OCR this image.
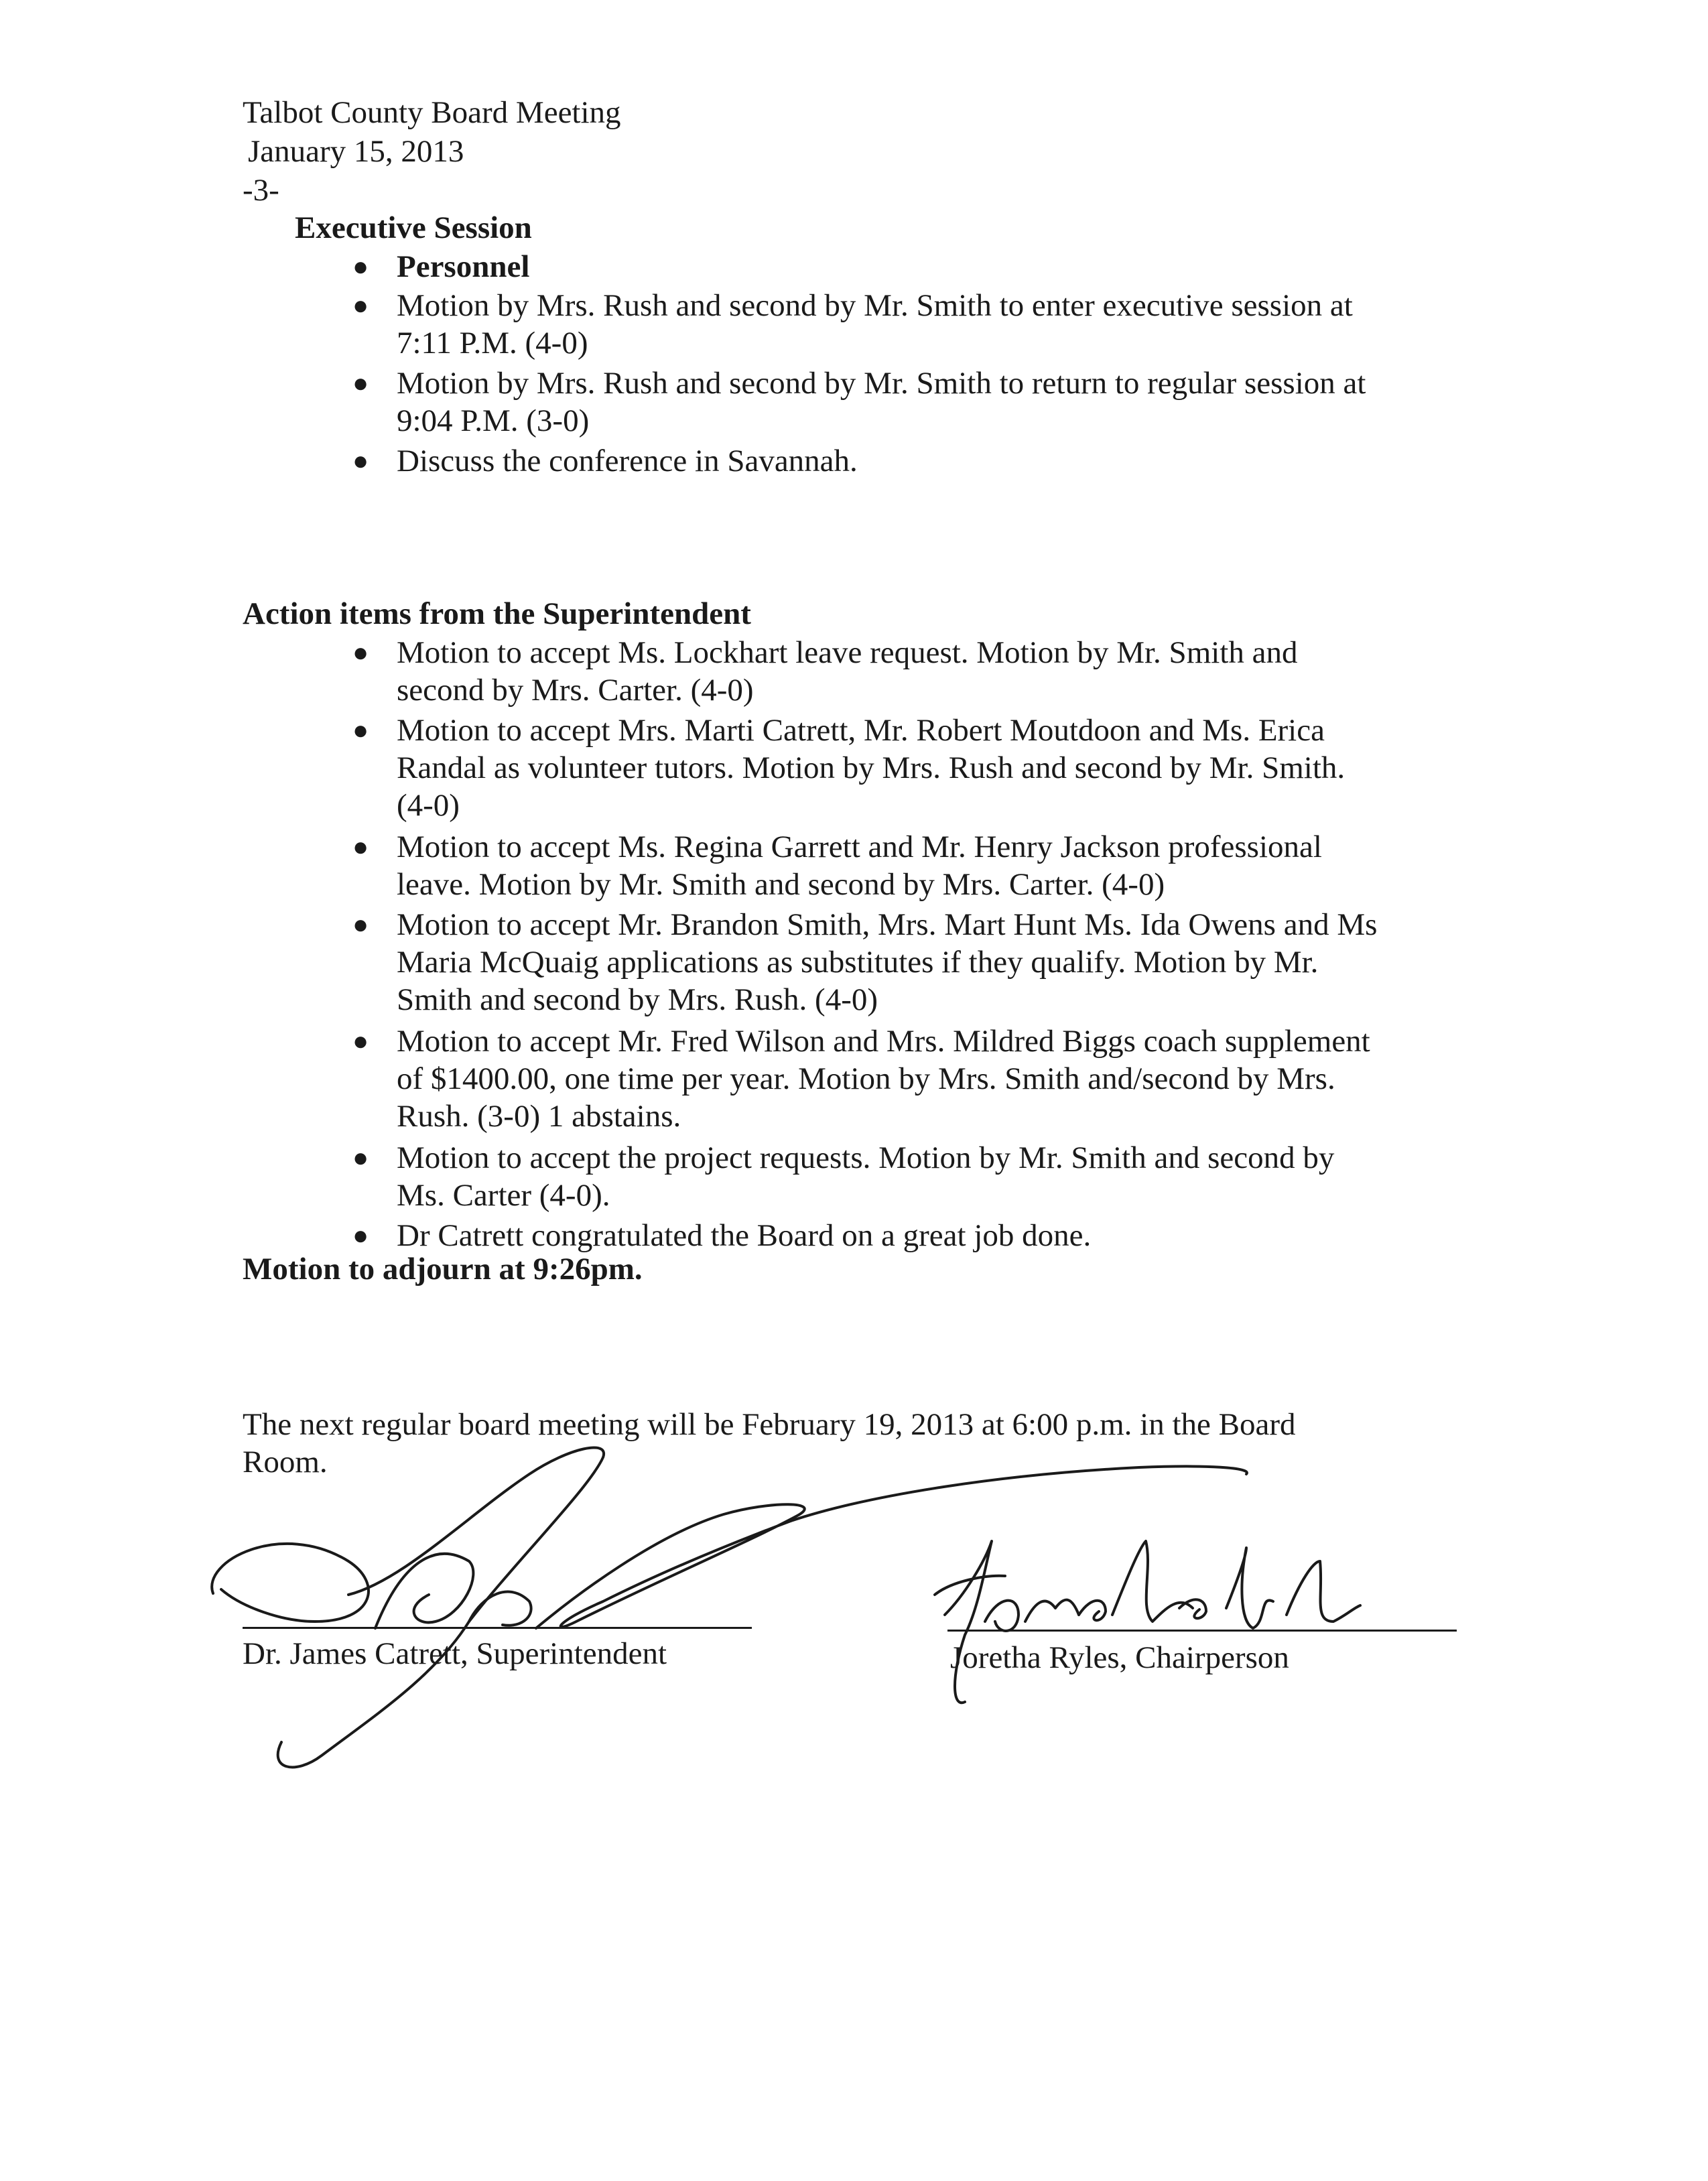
Talbot County Board Meeting
January 15, 2013
-3-
Executive Session
● Personnel
● Motion by Mrs. Rush and second by Mr. Smith to enter executive session at
7:11 P.M. (4-0)
● Motion by Mrs. Rush and second by Mr. Smith to return to regular session at
9:04 P.M. (3-0)
● Discuss the conference in Savannah.
Action items from the Superintendent
● Motion to accept Ms. Lockhart leave request. Motion by Mr. Smith and
second by Mrs. Carter. (4-0)
● Motion to accept Mrs. Marti Catrett, Mr. Robert Moutdoon and Ms. Erica
Randal as volunteer tutors. Motion by Mrs. Rush and second by Mr. Smith.
(4-0)
● Motion to accept Ms. Regina Garrett and Mr. Henry Jackson professional
leave. Motion by Mr. Smith and second by Mrs. Carter. (4-0)
● Motion to accept Mr. Brandon Smith, Mrs. Mart Hunt Ms. Ida Owens and Ms
Maria McQuaig applications as substitutes if they qualify. Motion by Mr.
Smith and second by Mrs. Rush. (4-0)
● Motion to accept Mr. Fred Wilson and Mrs. Mildred Biggs coach supplement
of $1400.00, one time per year. Motion by Mrs. Smith and/second by Mrs.
Rush. (3-0) 1 abstains.
● Motion to accept the project requests. Motion by Mr. Smith and second by
Ms. Carter (4-0).
● Dr Catrett congratulated the Board on a great job done.
Motion to adjourn at 9:26pm.
The next regular board meeting will be February 19, 2013 at 6:00 p.m. in the Board
Room.
Dr. James Catrett, Superintendent	Joretha Ryles, Chairperson
